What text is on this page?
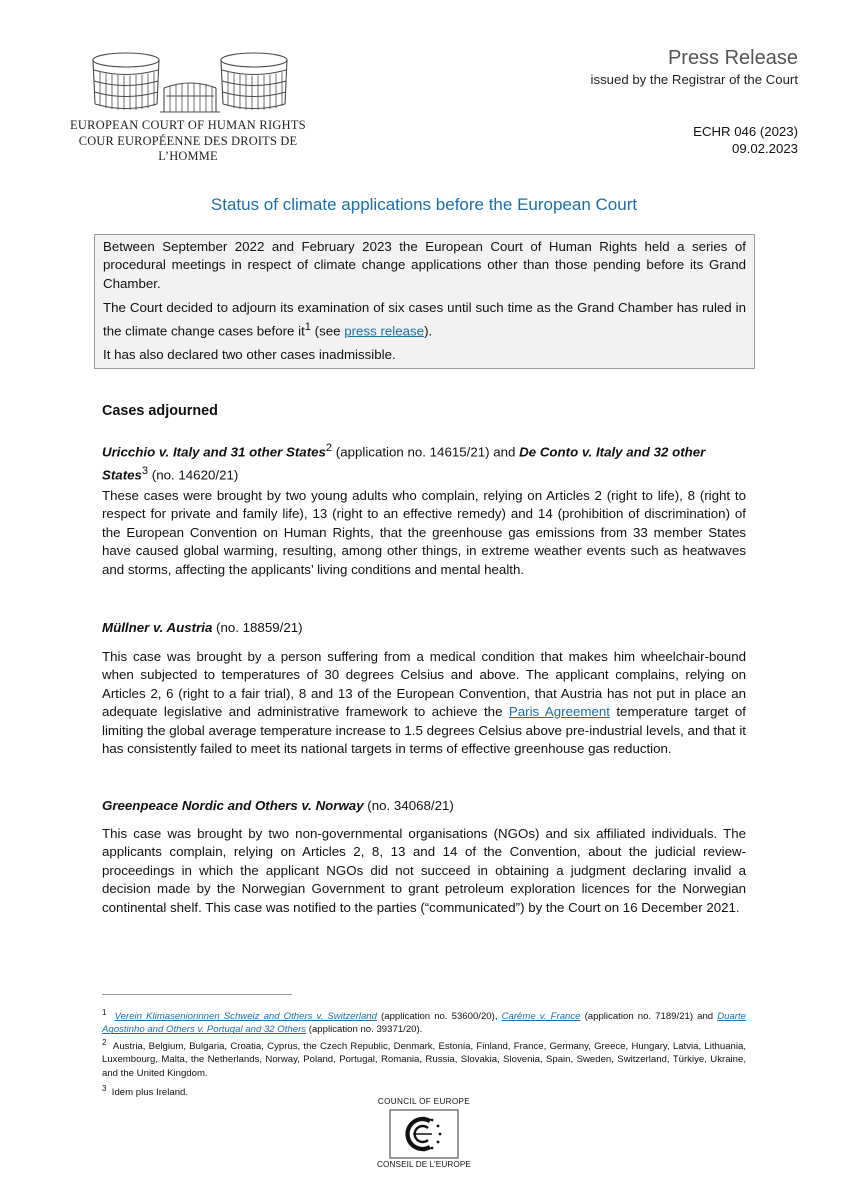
EUROPEAN COURT OF HUMAN RIGHTS
COUR EUROPÉENNE DES DROITS DE L’HOMME
Press Release
issued by the Registrar of the Court
ECHR 046 (2023)
09.02.2023
Status of climate applications before the European Court

Between September 2022 and February 2023 the European Court of Human Rights held a series of procedural meetings in respect of climate change applications other than those pending before its Grand Chamber.

The Court decided to adjourn its examination of six cases until such time as the Grand Chamber has ruled in the climate change cases before $it^1$ (see press release).

It has also declared two other cases inadmissible.

Cases adjourned
Uricchio v. Italy and 31 other States$^2$ (application no. 14615/21) and De Conto v. Italy and 32 other States$^3$ (no. 14620/21)
These cases were brought by two young adults who complain, relying on Articles 2 (right to life), 8 (right to respect for private and family life), 13 (right to an effective remedy) and 14 (prohibition of discrimination) of the European Convention on Human Rights, that the greenhouse gas emissions from 33 member States have caused global warming, resulting, among other things, in extreme weather events such as heatwaves and storms, affecting the applicants’ living conditions and mental health.
Müllner v. Austria (no. 18859/21)
This case was brought by a person suffering from a medical condition that makes him wheelchair-bound when subjected to temperatures of 30 degrees Celsius and above. The applicant complains, relying on Articles 2, 6 (right to a fair trial), 8 and 13 of the European Convention, that Austria has not put in place an adequate legislative and administrative framework to achieve the Paris Agreement temperature target of limiting the global average temperature increase to 1.5 degrees Celsius above pre-industrial levels, and that it has consistently failed to meet its national targets in terms of effective greenhouse gas reduction.
Greenpeace Nordic and Others v. Norway (no. 34068/21)
This case was brought by two non-governmental organisations (NGOs) and six affiliated individuals. The applicants complain, relying on Articles 2, 8, 13 and 14 of the Convention, about the judicial review-proceedings in which the applicant NGOs did not succeed in obtaining a judgment declaring invalid a decision made by the Norwegian Government to grant petroleum exploration licences for the Norwegian continental shelf. This case was notified to the parties (“communicated”) by the Court on 16 December 2021.
$^1$ Verein Klimaseniorinnen Schweiz and Others v. Switzerland (application no. 53600/20), Carême v. France (application no. 7189/21) and Duarte Agostinho and Others v. Portugal and 32 Others (application no. 39371/20).
$^2$ Austria, Belgium, Bulgaria, Croatia, Cyprus, the Czech Republic, Denmark, Estonia, Finland, France, Germany, Greece, Hungary, Latvia, Lithuania, Luxembourg, Malta, the Netherlands, Norway, Poland, Portugal, Romania, Russia, Slovakia, Slovenia, Spain, Sweden, Switzerland, Türkiye, Ukraine, and the United Kingdom.
$^3$ Idem plus Ireland.
COUNCIL OF EUROPE
CONSEIL DE L’EUROPE
